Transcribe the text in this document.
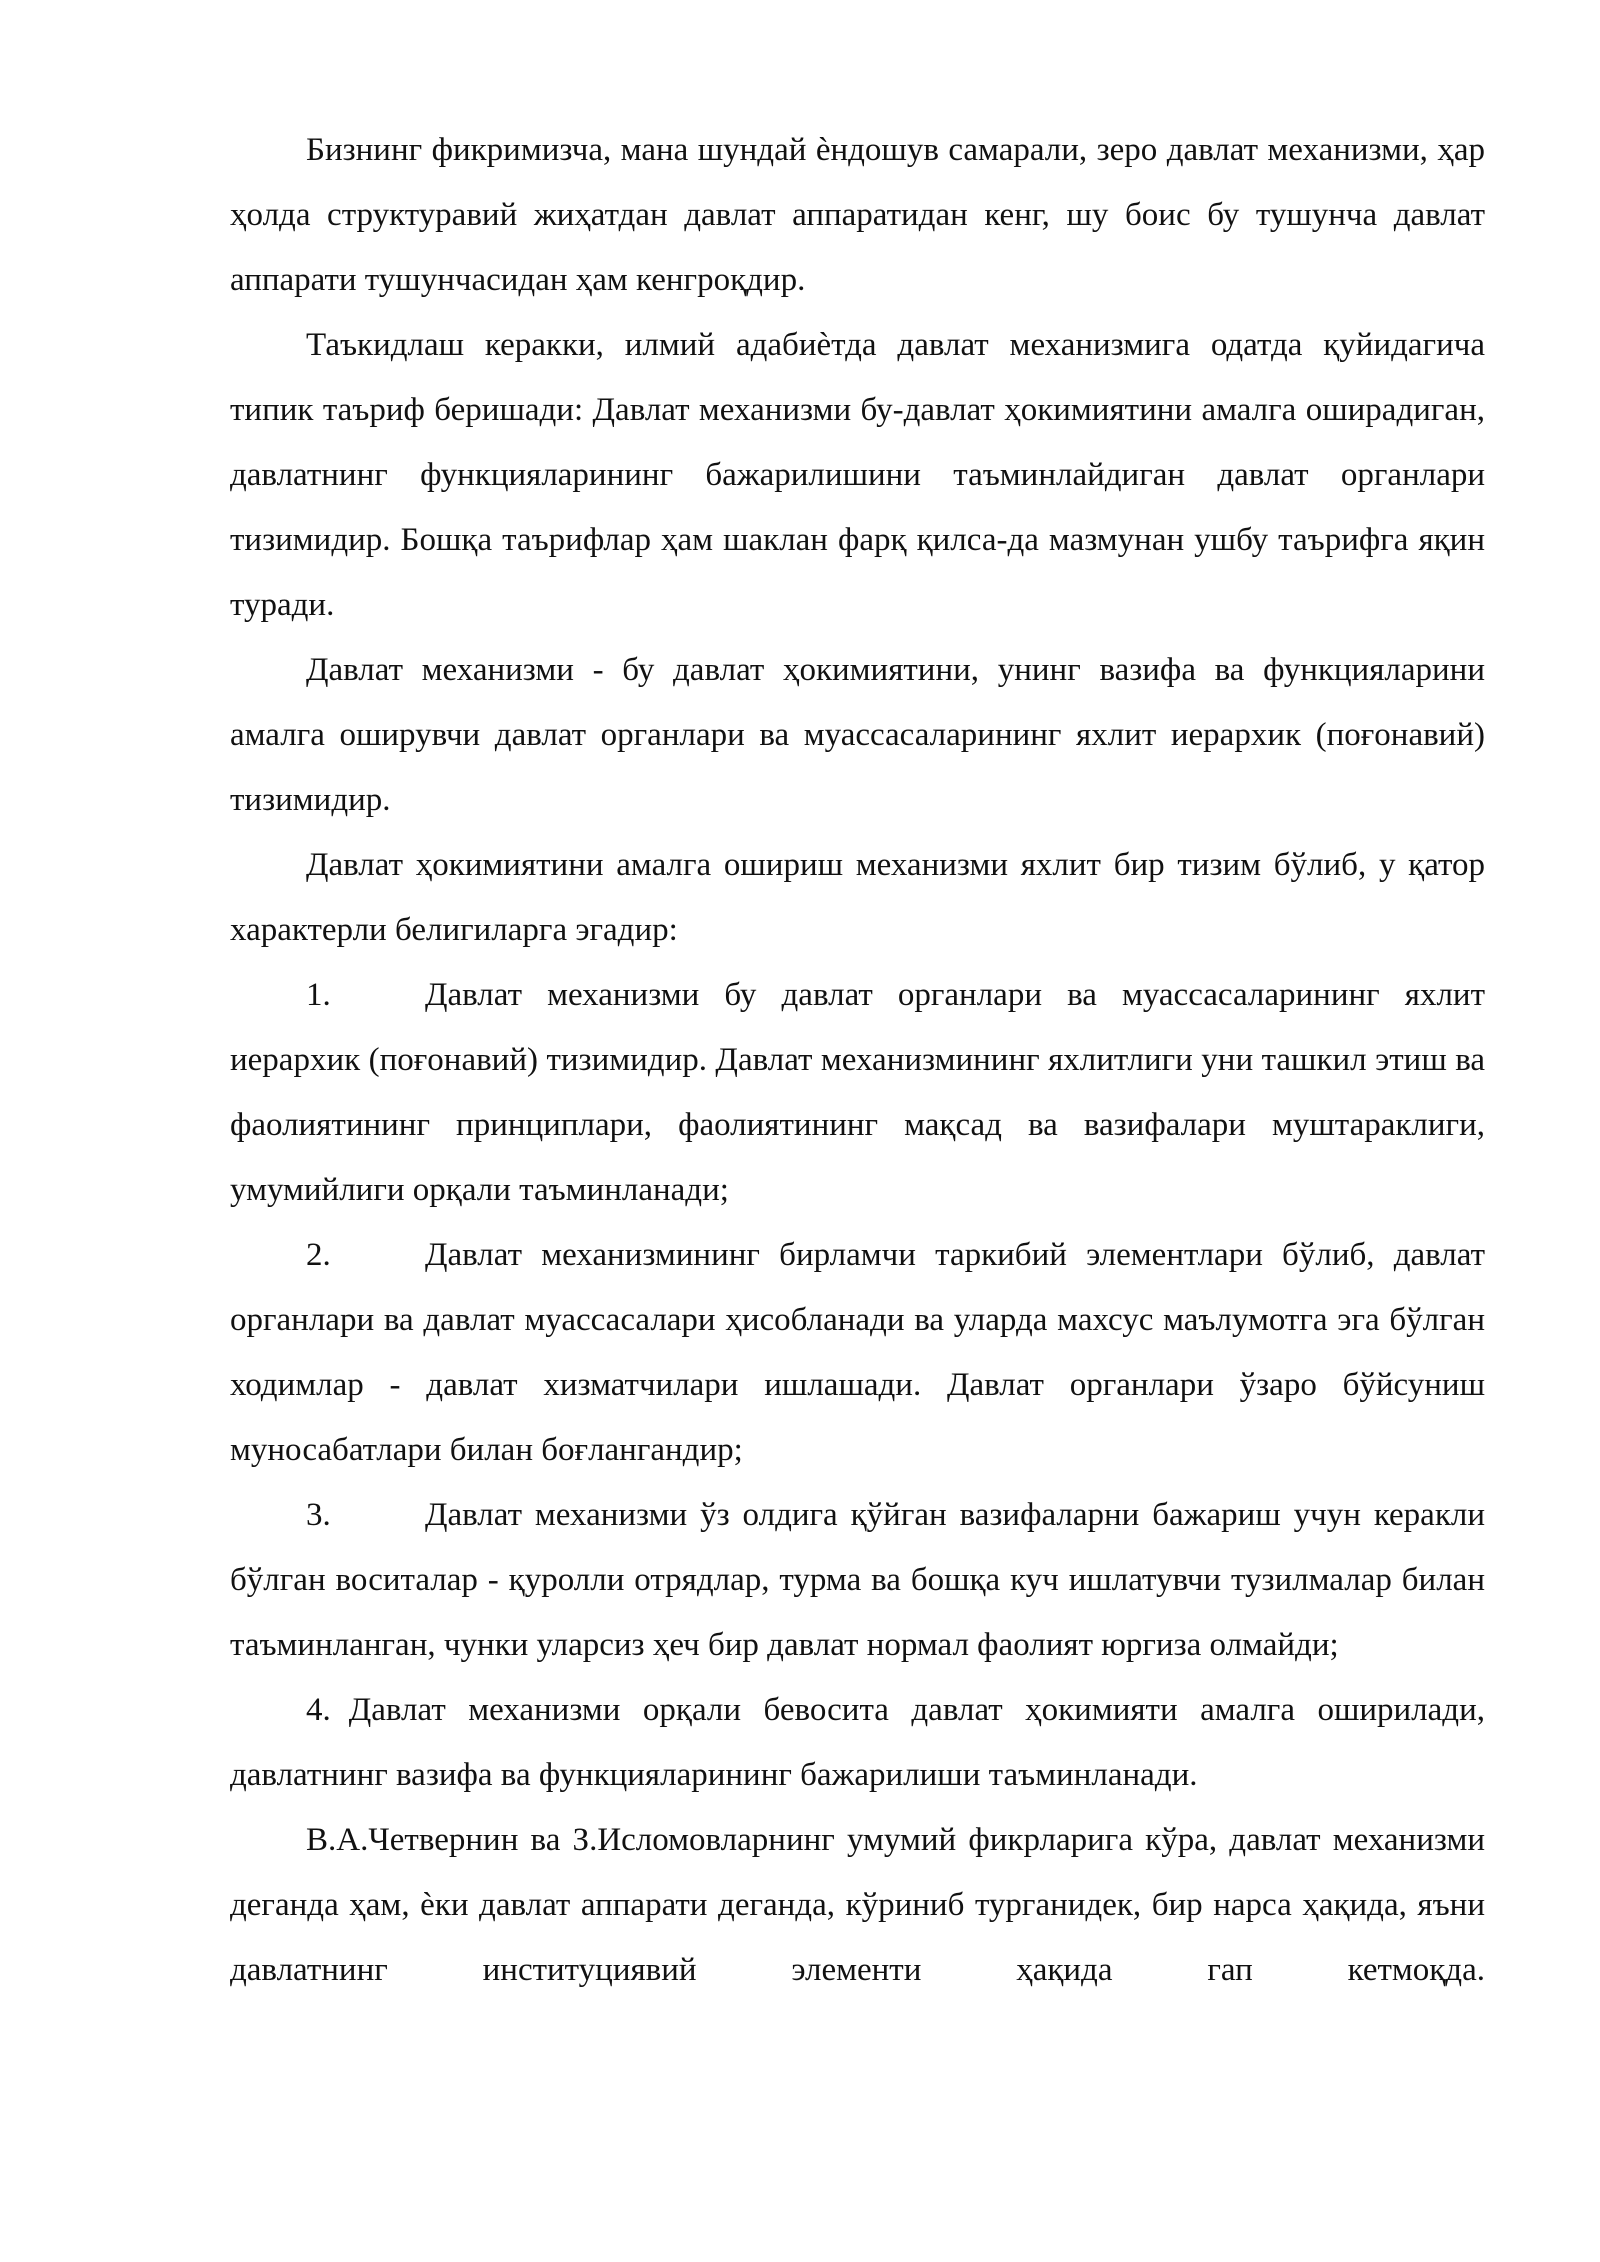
Бизнинг фикримизча, мана шундай ѐндошув самарали, зеро давлат механизми, ҳар ҳолда структуравий жиҳатдан давлат аппаратидан кенг, шу боис бу тушунча давлат аппарати тушунчасидан ҳам кенгроқдир.

Таъкидлаш керакки, илмий адабиѐтда давлат механизмига одатда қуйидагича типик таъриф беришади: Давлат механизми бу-давлат ҳокимиятини амалга оширадиган, давлатнинг функцияларининг бажарилишини таъминлайдиган давлат органлари тизимидир. Бошқа таърифлар ҳам шаклан фарқ қилса-да мазмунан ушбу таърифга яқин туради.

Давлат механизми - бу давлат ҳокимиятини, унинг вазифа ва функцияларини амалга оширувчи давлат органлари ва муассасаларининг яхлит иерархик (поғонавий) тизимидир.

Давлат ҳокимиятини амалга ошириш механизми яхлит бир тизим бўлиб, у қатор характерли белигиларга эгадир:

1.	Давлат механизми бу давлат органлари ва муассасаларининг яхлит иерархик (поғонавий) тизимидир. Давлат механизмининг яхлитлиги уни ташкил этиш ва фаолиятининг принциплари, фаолиятининг мақсад ва вазифалари муштараклиги, умумийлиги орқали таъминланади;

2.	Давлат механизмининг бирламчи таркибий элементлари бўлиб, давлат органлари ва давлат муассасалари ҳисобланади ва уларда махсус маълумотга эга бўлган ходимлар - давлат хизматчилари ишлашади. Давлат органлари ўзаро бўйсуниш муносабатлари билан боғлангандир;

3.	Давлат механизми ўз олдига қўйган вазифаларни бажариш учун керакли бўлган воситалар - қуролли отрядлар, турма ва бошқа куч ишлатувчи тузилмалар билан таъминланган, чунки уларсиз ҳеч бир давлат нормал фаолият юргиза олмайди;

4. Давлат механизми орқали бевосита давлат ҳокимияти амалга оширилади, давлатнинг вазифа ва функцияларининг бажарилиши таъминланади.

В.А.Четвернин ва З.Исломовларнинг умумий фикрларига кўра, давлат механизми деганда ҳам, ѐки давлат аппарати деганда, кўриниб турганидек, бир нарса ҳақида, яъни давлатнинг институциявий элементи ҳақида гап кетмоқда.
